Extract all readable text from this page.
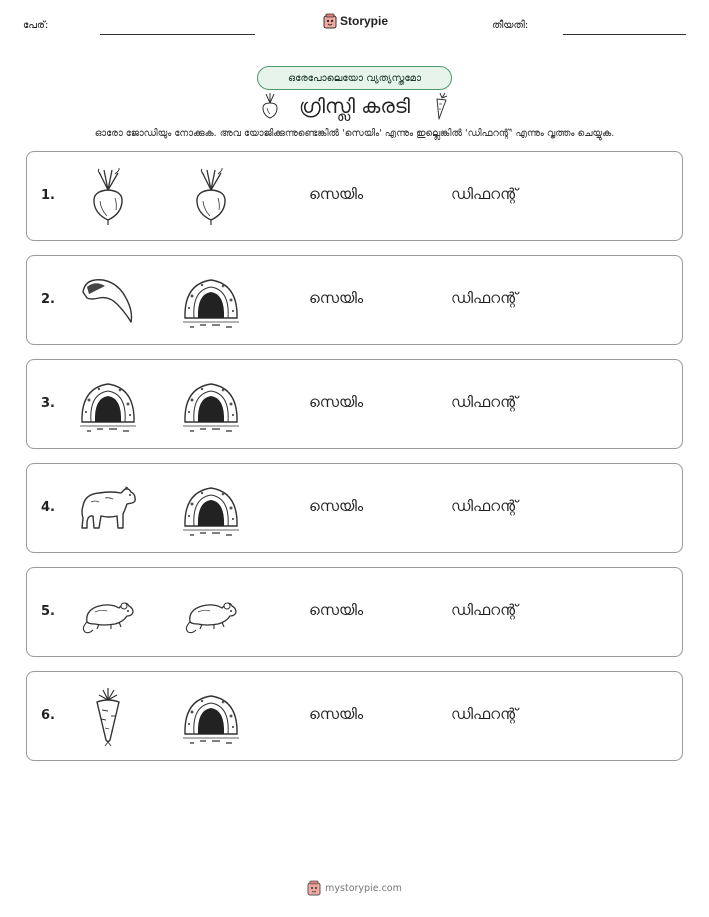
പേര്:	Storypie	തീയതി:
ഒരേപോലെയോ വ്യത്യസ്തമോ
ഗ്രിസ്ലി കരടി
ഓരോ ജോഡിയും നോക്കുക. അവ യോജിക്കുന്നുണ്ടെങ്കിൽ 'സെയിം' എന്നും ഇല്ലെങ്കിൽ 'ഡിഫറന്റ്' എന്നും വൃത്തം ചെയ്യുക.
1.	സെയിം	ഡിഫറന്റ്
2.	സെയിം	ഡിഫറന്റ്
3.	സെയിം	ഡിഫറന്റ്
4.	സെയിം	ഡിഫറന്റ്
5.	സെയിം	ഡിഫറന്റ്
6.	സെയിം	ഡിഫറന്റ്
mystorypie.com
